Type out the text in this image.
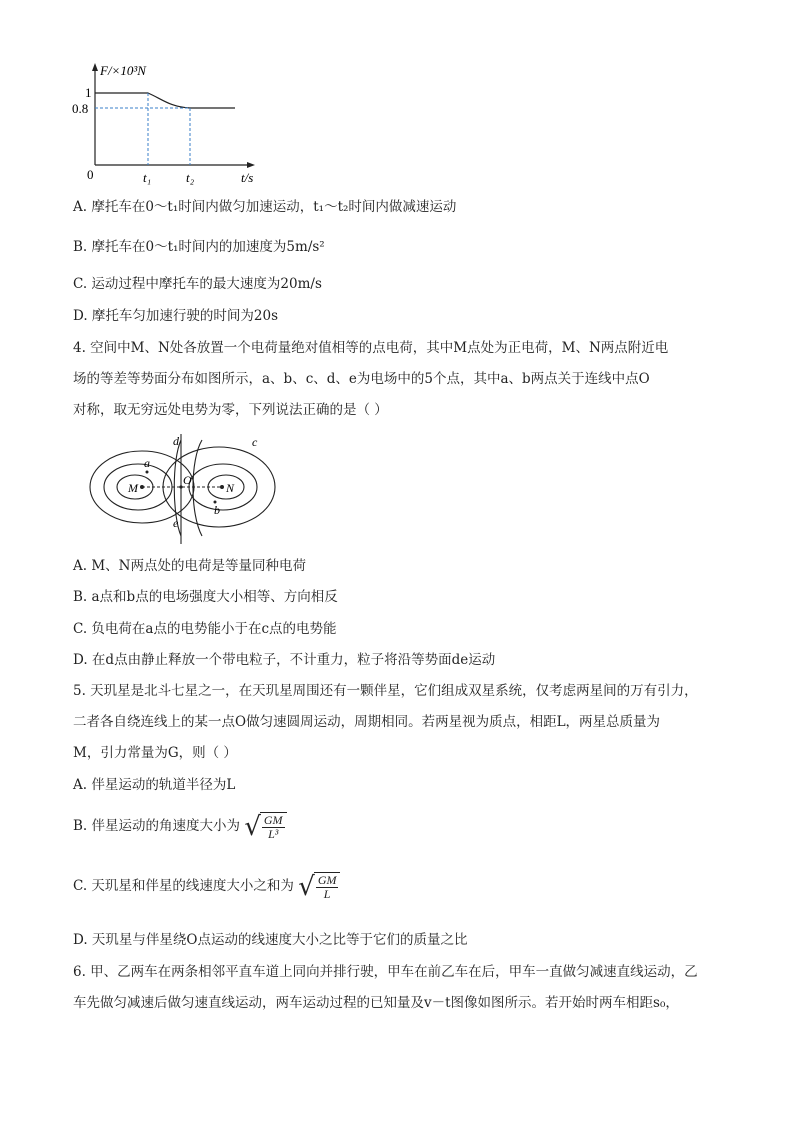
F/×10³N
t/s
0
1
0.8
t₁	t₂
A. 摩托车在0～t₁时间内做匀加速运动，t₁～t₂时间内做减速运动
B. 摩托车在0～t₁时间内的加速度为5m/s²
C. 运动过程中摩托车的最大速度为20m/s
D. 摩托车匀加速行驶的时间为20s
4. 空间中M、N处各放置一个电荷量绝对值相等的点电荷，其中M点处为正电荷，M、N两点附近电
场的等差等势面分布如图所示，a、b、c、d、e为电场中的5个点，其中a、b两点关于连线中点O
对称，取无穷远处电势为零，下列说法正确的是（ ）
M	N
O
a
b
c
d
e
A. M、N两点处的电荷是等量同种电荷
B. a点和b点的电场强度大小相等、方向相反
C. 负电荷在a点的电势能小于在c点的电势能
D. 在d点由静止释放一个带电粒子，不计重力，粒子将沿等势面de运动
5. 天玑星是北斗七星之一，在天玑星周围还有一颗伴星，它们组成双星系统，仅考虑两星间的万有引力，
二者各自绕连线上的某一点O做匀速圆周运动，周期相同。若两星视为质点，相距L，两星总质量为
M，引力常量为G，则（ ）
A. 伴星运动的轨道半径为L
B. 伴星运动的角速度大小为 √ $\frac{GM}{\text{L³}}$
C. 天玑星和伴星的线速度大小之和为 √ $\frac{GM}{L}$
D. 天玑星与伴星绕O点运动的线速度大小之比等于它们的质量之比
6. 甲、乙两车在两条相邻平直车道上同向并排行驶，甲车在前乙车在后，甲车一直做匀减速直线运动，乙
车先做匀减速后做匀速直线运动，两车运动过程的已知量及v－t图像如图所示。若开始时两车相距s₀，
